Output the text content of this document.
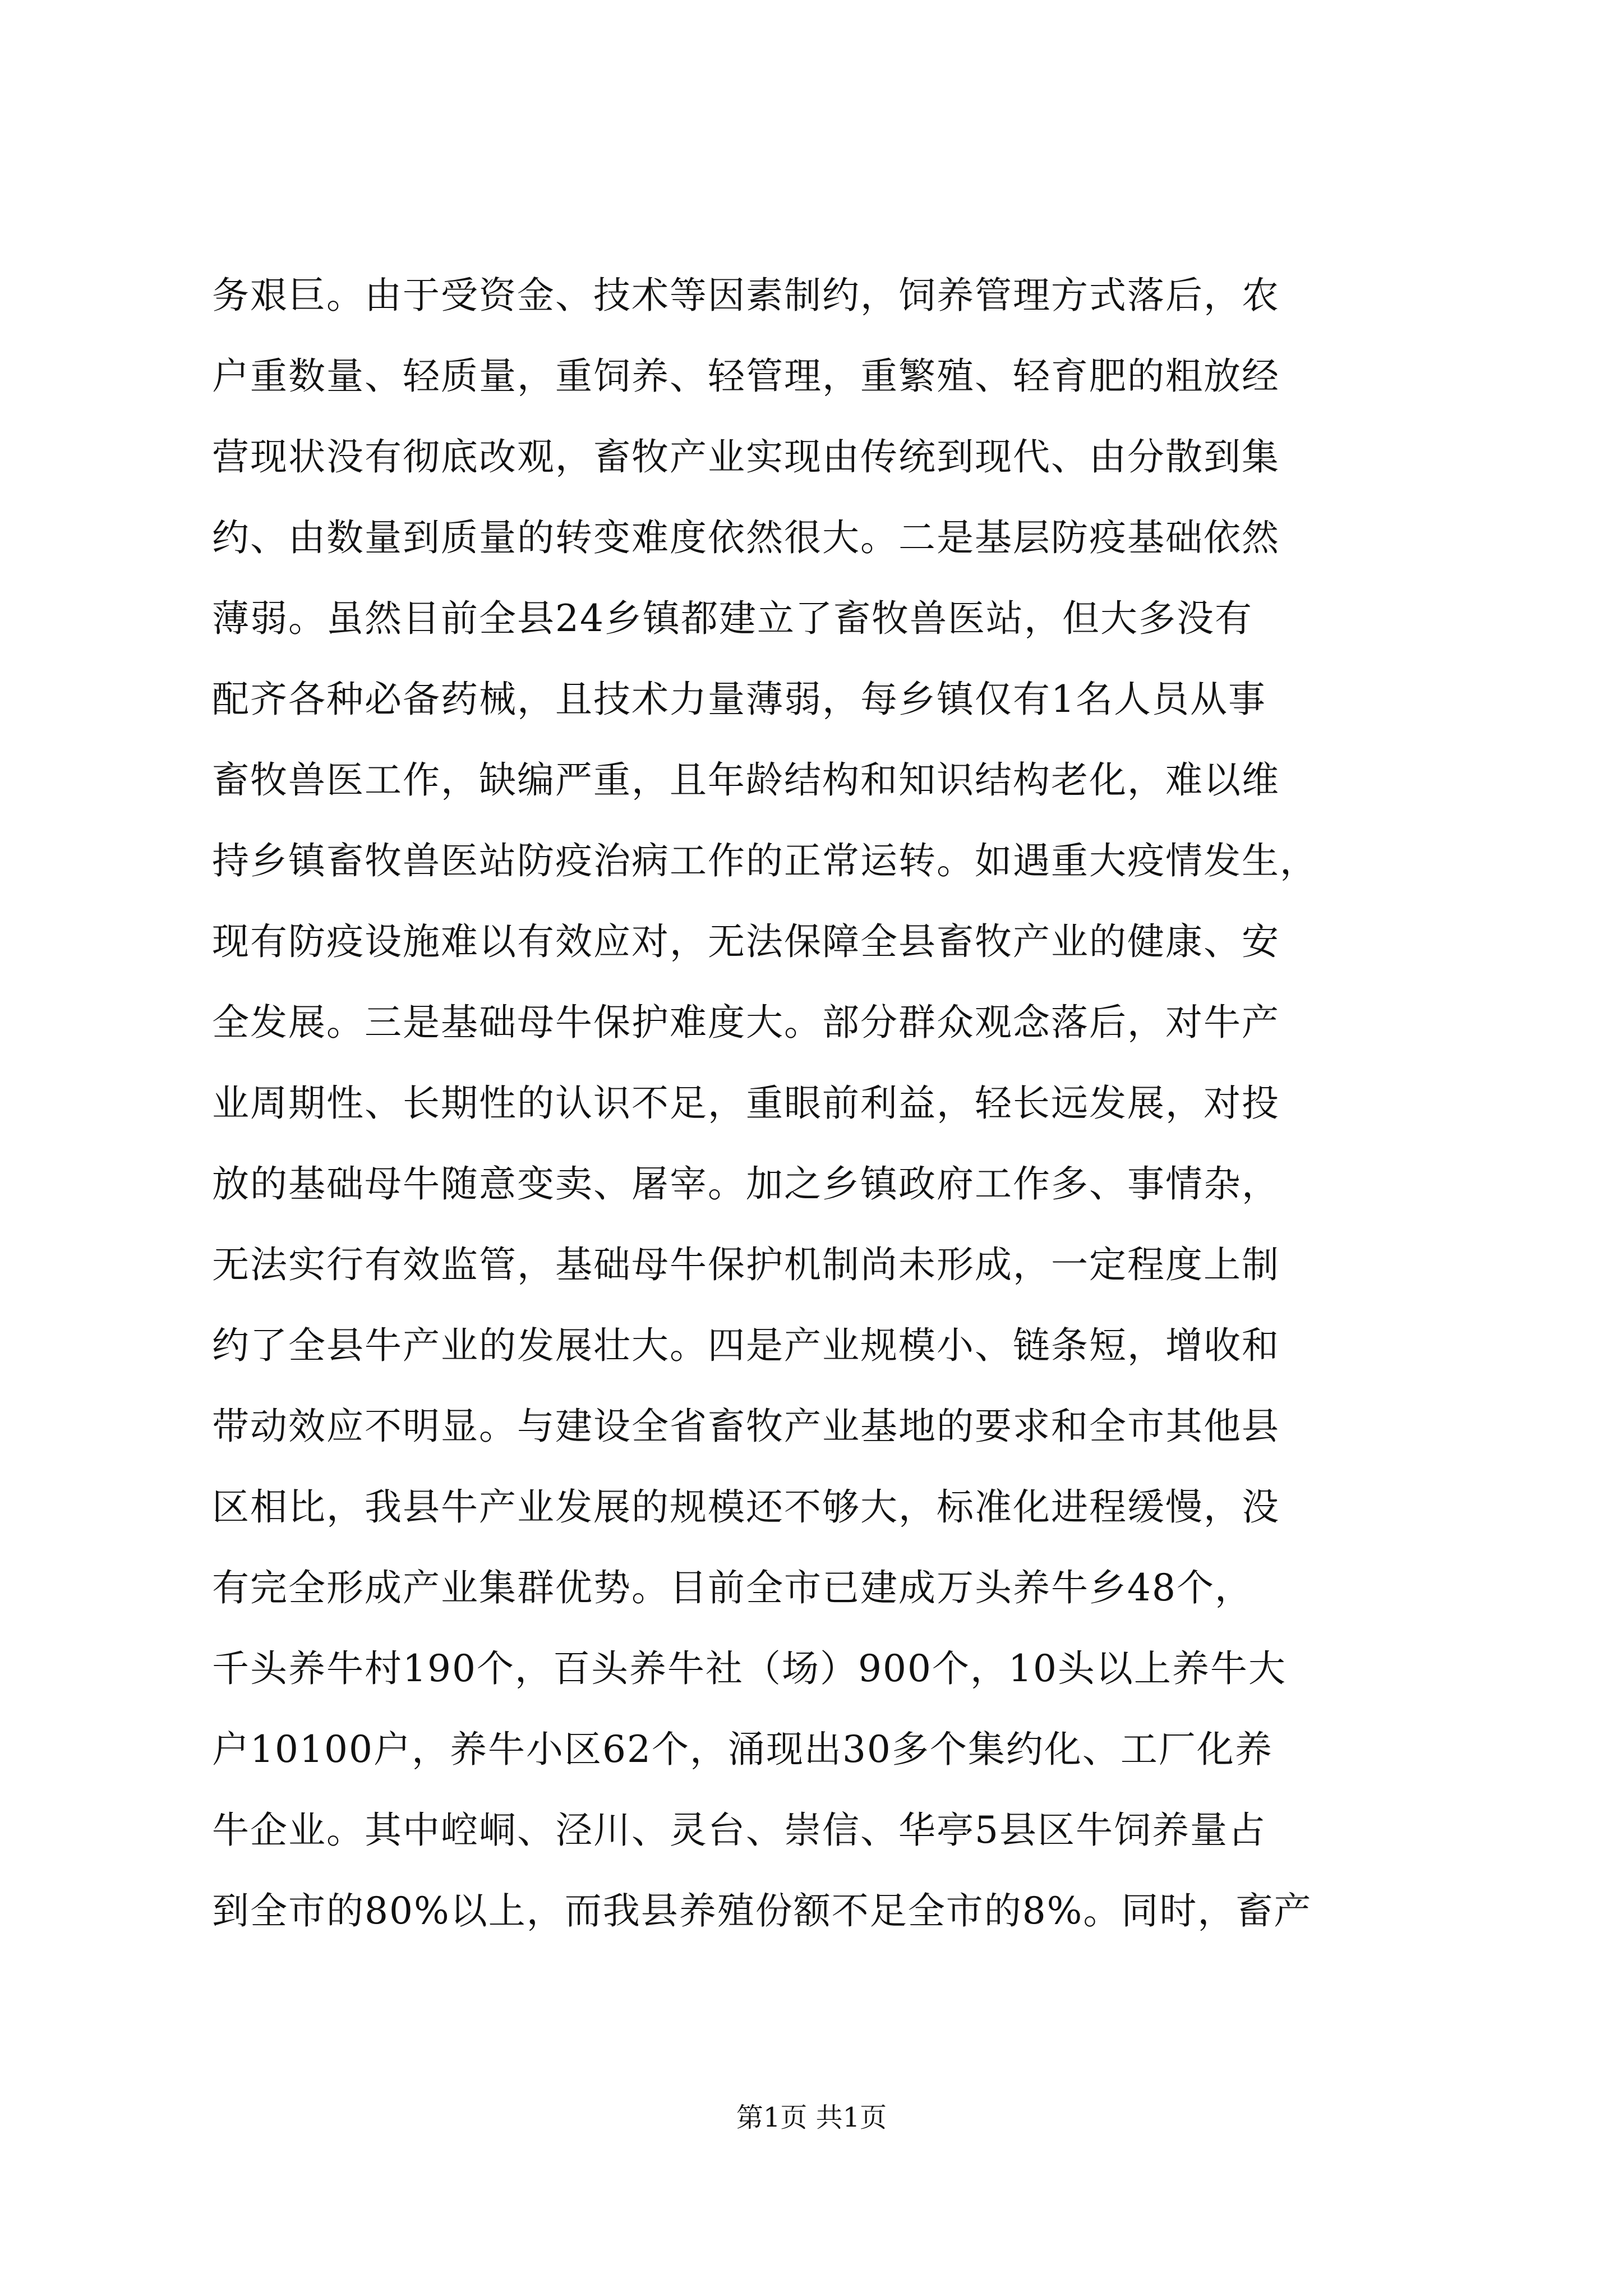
务艰巨。由于受资金、技术等因素制约，饲养管理方式落后，农
户重数量、轻质量，重饲养、轻管理，重繁殖、轻育肥的粗放经
营现状没有彻底改观，畜牧产业实现由传统到现代、由分散到集
约、由数量到质量的转变难度依然很大。二是基层防疫基础依然
薄弱。虽然目前全县24乡镇都建立了畜牧兽医站，但大多没有
配齐各种必备药械，且技术力量薄弱，每乡镇仅有1名人员从事
畜牧兽医工作，缺编严重，且年龄结构和知识结构老化，难以维
持乡镇畜牧兽医站防疫治病工作的正常运转。如遇重大疫情发生，
现有防疫设施难以有效应对，无法保障全县畜牧产业的健康、安
全发展。三是基础母牛保护难度大。部分群众观念落后，对牛产
业周期性、长期性的认识不足，重眼前利益，轻长远发展，对投
放的基础母牛随意变卖、屠宰。加之乡镇政府工作多、事情杂，
无法实行有效监管，基础母牛保护机制尚未形成，一定程度上制
约了全县牛产业的发展壮大。四是产业规模小、链条短，增收和
带动效应不明显。与建设全省畜牧产业基地的要求和全市其他县
区相比，我县牛产业发展的规模还不够大，标准化进程缓慢，没
有完全形成产业集群优势。目前全市已建成万头养牛乡48个，
千头养牛村190个，百头养牛社（场）900个，10头以上养牛大
户10100户，养牛小区62个，涌现出30多个集约化、工厂化养
牛企业。其中崆峒、泾川、灵台、崇信、华亭5县区牛饲养量占
到全市的80%以上，而我县养殖份额不足全市的8%。同时，畜产
第1页 共1页
